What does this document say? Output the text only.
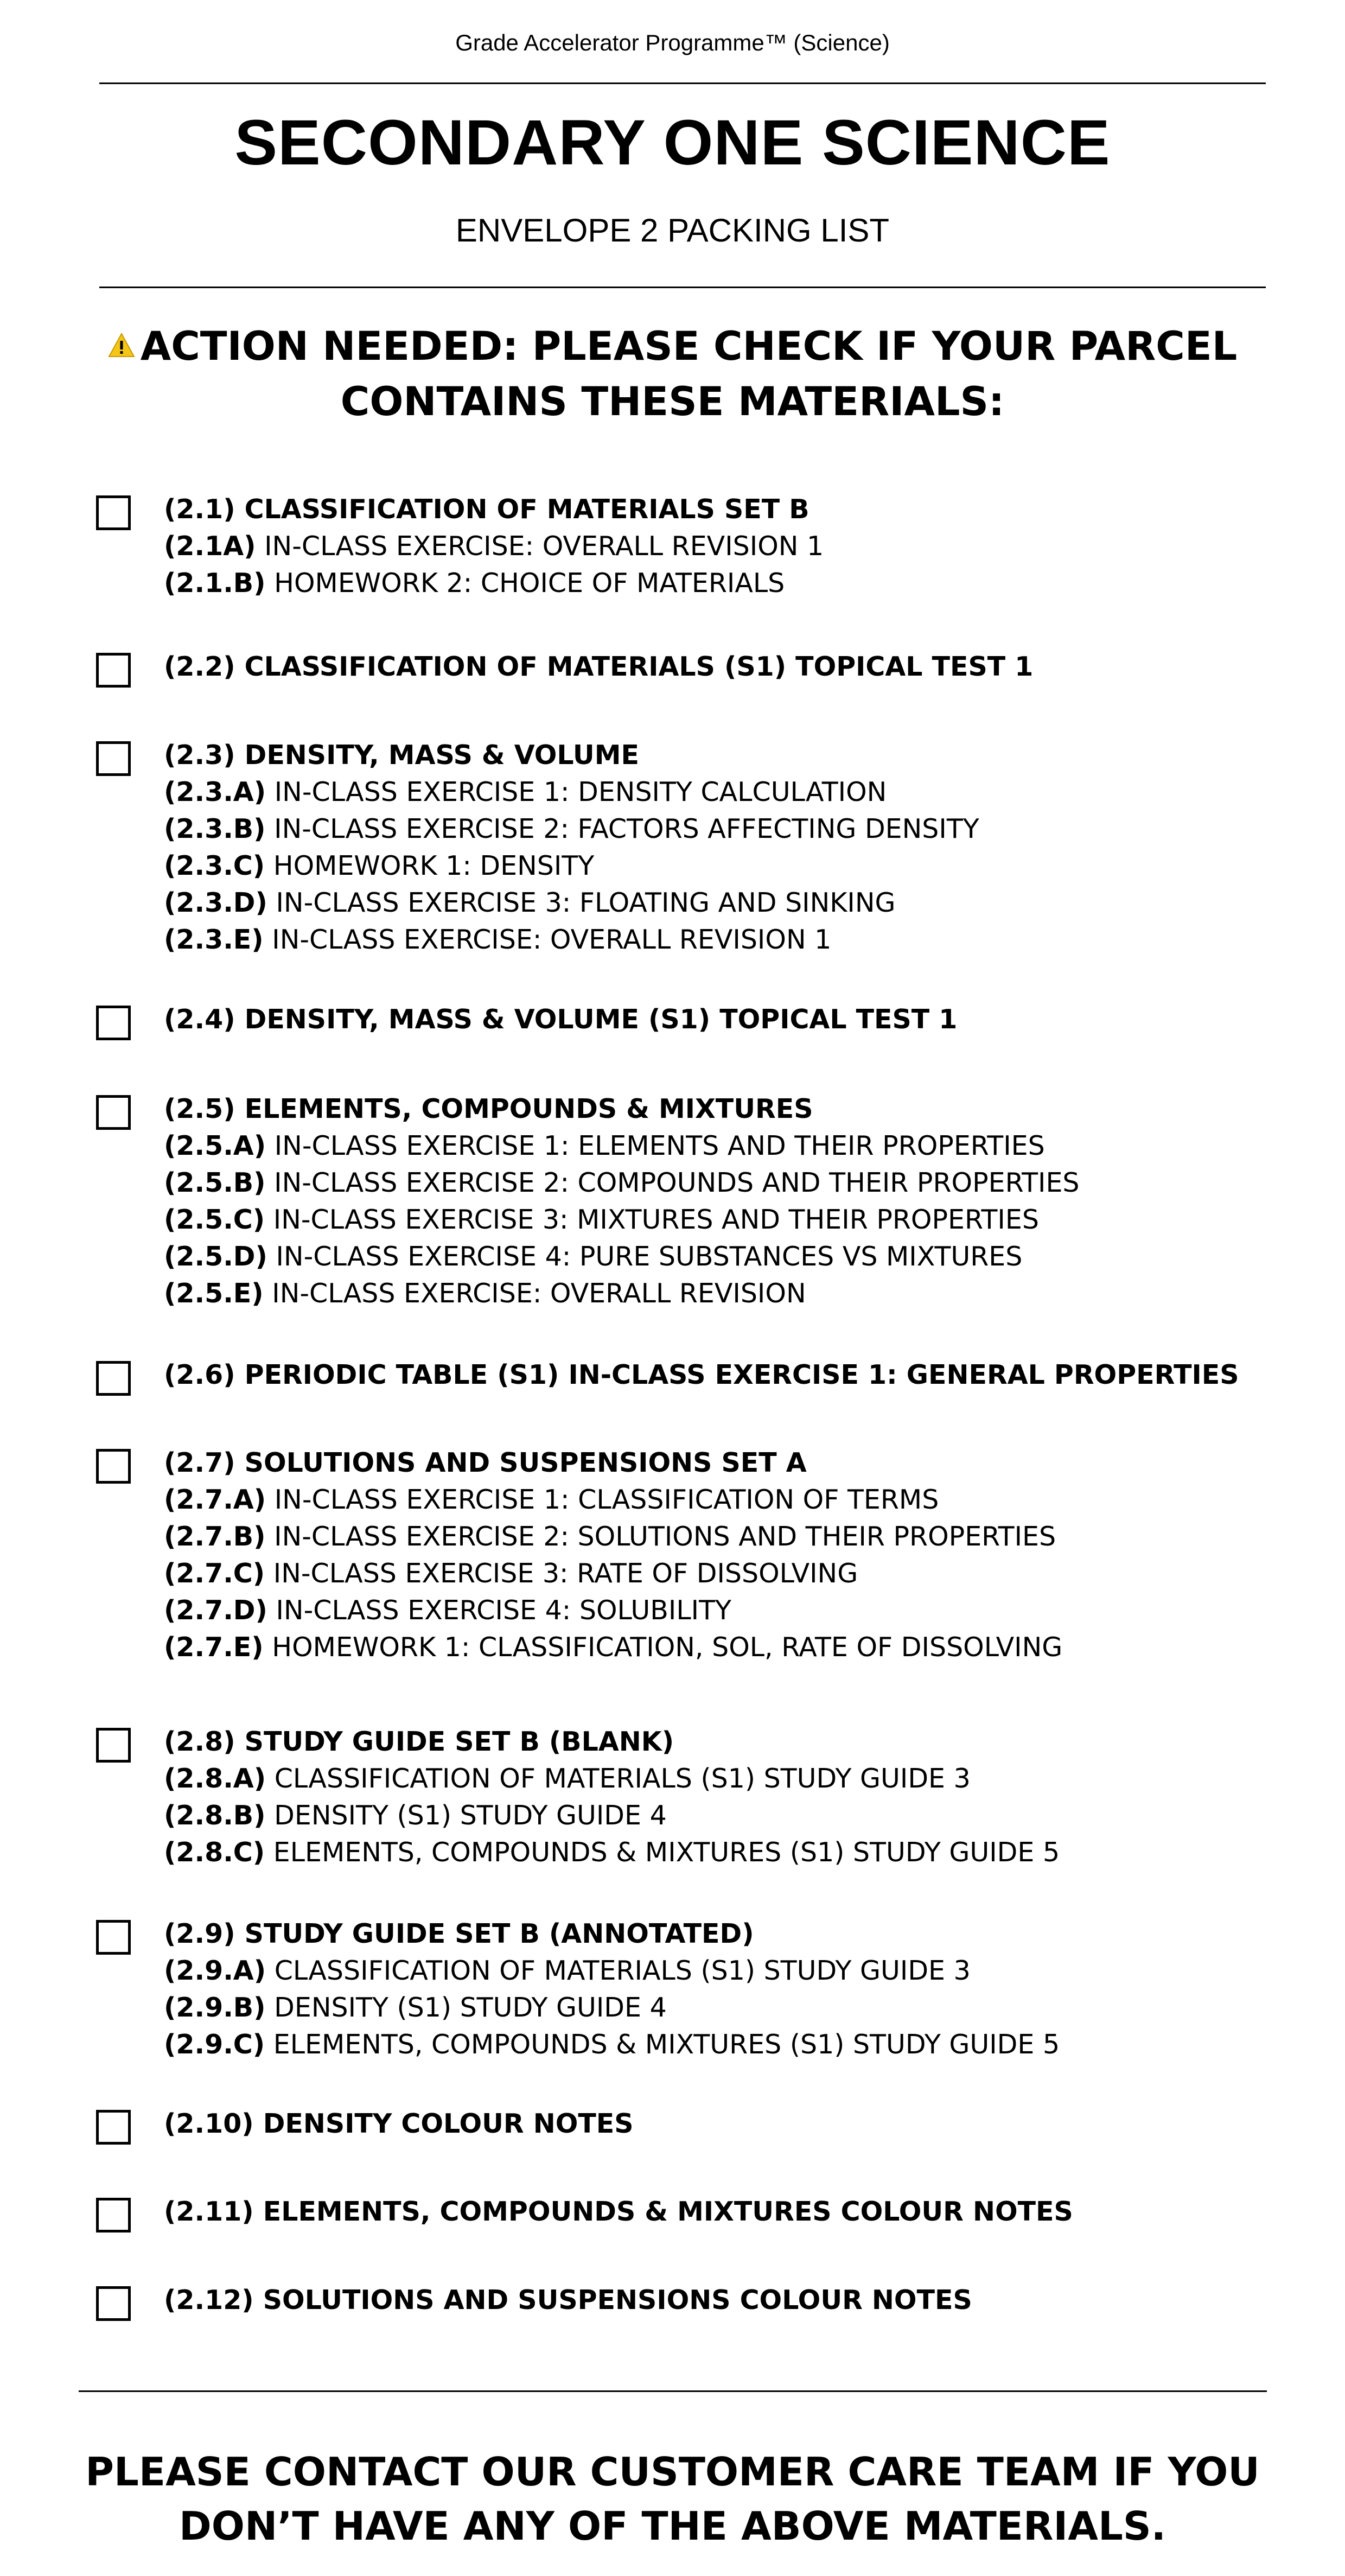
Grade Accelerator Programme™ (Science)
SECONDARY ONE SCIENCE
ENVELOPE 2 PACKING LIST
ACTION NEEDED: PLEASE CHECK IF YOUR PARCEL
CONTAINS THESE MATERIALS:
(2.1) CLASSIFICATION OF MATERIALS SET B
(2.1A) IN-CLASS EXERCISE: OVERALL REVISION 1
(2.1.B) HOMEWORK 2: CHOICE OF MATERIALS
(2.2) CLASSIFICATION OF MATERIALS (S1) TOPICAL TEST 1
(2.3) DENSITY, MASS & VOLUME
(2.3.A) IN-CLASS EXERCISE 1: DENSITY CALCULATION
(2.3.B) IN-CLASS EXERCISE 2: FACTORS AFFECTING DENSITY
(2.3.C) HOMEWORK 1: DENSITY
(2.3.D) IN-CLASS EXERCISE 3: FLOATING AND SINKING
(2.3.E) IN-CLASS EXERCISE: OVERALL REVISION 1
(2.4) DENSITY, MASS & VOLUME (S1) TOPICAL TEST 1
(2.5) ELEMENTS, COMPOUNDS & MIXTURES
(2.5.A) IN-CLASS EXERCISE 1: ELEMENTS AND THEIR PROPERTIES
(2.5.B) IN-CLASS EXERCISE 2: COMPOUNDS AND THEIR PROPERTIES
(2.5.C) IN-CLASS EXERCISE 3: MIXTURES AND THEIR PROPERTIES
(2.5.D) IN-CLASS EXERCISE 4: PURE SUBSTANCES VS MIXTURES
(2.5.E) IN-CLASS EXERCISE: OVERALL REVISION
(2.6) PERIODIC TABLE (S1) IN-CLASS EXERCISE 1: GENERAL PROPERTIES
(2.7) SOLUTIONS AND SUSPENSIONS SET A
(2.7.A) IN-CLASS EXERCISE 1: CLASSIFICATION OF TERMS
(2.7.B) IN-CLASS EXERCISE 2: SOLUTIONS AND THEIR PROPERTIES
(2.7.C) IN-CLASS EXERCISE 3: RATE OF DISSOLVING
(2.7.D) IN-CLASS EXERCISE 4: SOLUBILITY
(2.7.E) HOMEWORK 1: CLASSIFICATION, SOL, RATE OF DISSOLVING
(2.8) STUDY GUIDE SET B (BLANK)
(2.8.A) CLASSIFICATION OF MATERIALS (S1) STUDY GUIDE 3
(2.8.B) DENSITY (S1) STUDY GUIDE 4
(2.8.C) ELEMENTS, COMPOUNDS & MIXTURES (S1) STUDY GUIDE 5
(2.9) STUDY GUIDE SET B (ANNOTATED)
(2.9.A) CLASSIFICATION OF MATERIALS (S1) STUDY GUIDE 3
(2.9.B) DENSITY (S1) STUDY GUIDE 4
(2.9.C) ELEMENTS, COMPOUNDS & MIXTURES (S1) STUDY GUIDE 5
(2.10) DENSITY COLOUR NOTES
(2.11) ELEMENTS, COMPOUNDS & MIXTURES COLOUR NOTES
(2.12) SOLUTIONS AND SUSPENSIONS COLOUR NOTES
PLEASE CONTACT OUR CUSTOMER CARE TEAM IF YOU
DON’T HAVE ANY OF THE ABOVE MATERIALS.
